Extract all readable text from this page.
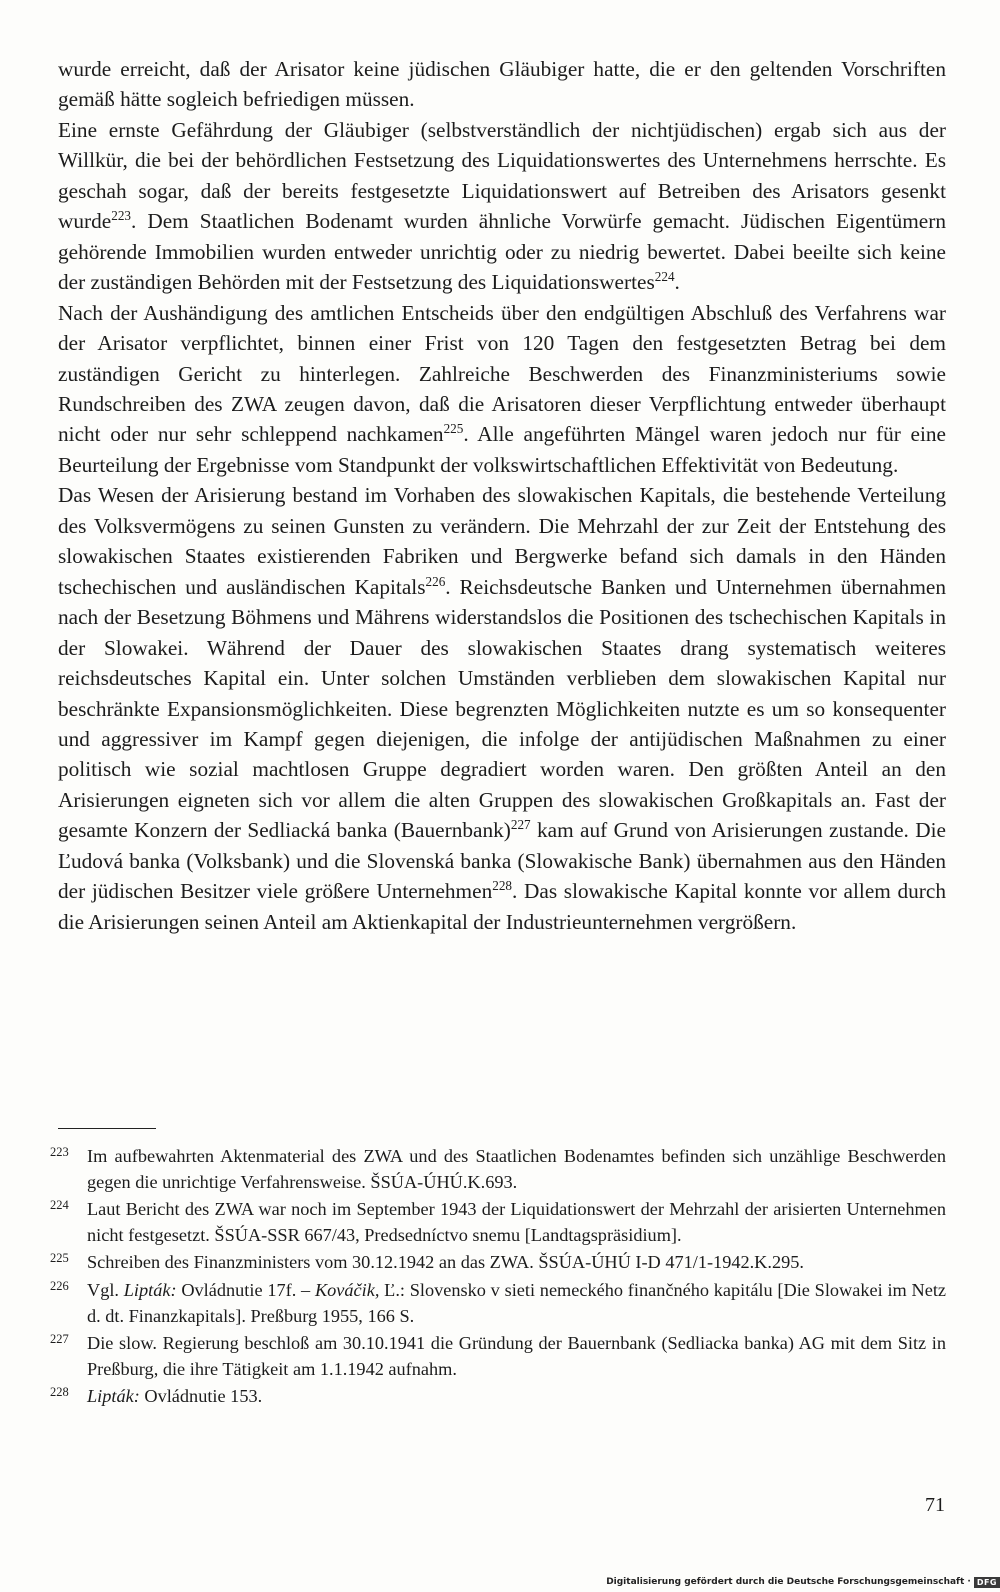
wurde erreicht, daß der Arisator keine jüdischen Gläubiger hatte, die er den geltenden Vorschriften gemäß hätte sogleich befriedigen müssen.

Eine ernste Gefährdung der Gläubiger (selbstverständlich der nichtjüdischen) ergab sich aus der Willkür, die bei der behördlichen Festsetzung des Liquidationswertes des Unternehmens herrschte. Es geschah sogar, daß der bereits festgesetzte Liquidationswert auf Betreiben des Arisators gesenkt wurde$^{223}$. Dem Staatlichen Bodenamt wurden ähnliche Vorwürfe gemacht. Jüdischen Eigentümern gehörende Immobilien wurden entweder unrichtig oder zu niedrig bewertet. Dabei beeilte sich keine der zuständigen Behörden mit der Festsetzung des Liquidationswertes$^{224}$.

Nach der Aushändigung des amtlichen Entscheids über den endgültigen Abschluß des Verfahrens war der Arisator verpflichtet, binnen einer Frist von 120 Tagen den festgesetzten Betrag bei dem zuständigen Gericht zu hinterlegen. Zahlreiche Beschwerden des Finanzministeriums sowie Rundschreiben des ZWA zeugen davon, daß die Arisatoren dieser Verpflichtung entweder überhaupt nicht oder nur sehr schleppend nachkamen$^{225}$. Alle angeführten Mängel waren jedoch nur für eine Beurteilung der Ergebnisse vom Standpunkt der volkswirtschaftlichen Effektivität von Bedeutung.

Das Wesen der Arisierung bestand im Vorhaben des slowakischen Kapitals, die bestehende Verteilung des Volksvermögens zu seinen Gunsten zu verändern. Die Mehrzahl der zur Zeit der Entstehung des slowakischen Staates existierenden Fabriken und Bergwerke befand sich damals in den Händen tschechischen und ausländischen Kapitals$^{226}$. Reichsdeutsche Banken und Unternehmen übernahmen nach der Besetzung Böhmens und Mährens widerstandslos die Positionen des tschechischen Kapitals in der Slowakei. Während der Dauer des slowakischen Staates drang systematisch weiteres reichsdeutsches Kapital ein. Unter solchen Umständen verblieben dem slowakischen Kapital nur beschränkte Expansionsmöglichkeiten. Diese begrenzten Möglichkeiten nutzte es um so konsequenter und aggressiver im Kampf gegen diejenigen, die infolge der antijüdischen Maßnahmen zu einer politisch wie sozial machtlosen Gruppe degradiert worden waren. Den größten Anteil an den Arisierungen eigneten sich vor allem die alten Gruppen des slowakischen Großkapitals an. Fast der gesamte Konzern der Sedliacká banka (Bauernbank)$^{227}$ kam auf Grund von Arisierungen zustande. Die Ľudová banka (Volksbank) und die Slovenská banka (Slowakische Bank) übernahmen aus den Händen der jüdischen Besitzer viele größere Unternehmen$^{228}$. Das slowakische Kapital konnte vor allem durch die Arisierungen seinen Anteil am Aktienkapital der Industrieunternehmen vergrößern.

223 Im aufbewahrten Aktenmaterial des ZWA und des Staatlichen Bodenamtes befinden sich unzählige Beschwerden gegen die unrichtige Verfahrensweise. ŠSÚA-ÚHÚ.K.693.
224 Laut Bericht des ZWA war noch im September 1943 der Liquidationswert der Mehrzahl der arisierten Unternehmen nicht festgesetzt. ŠSÚA-SSR 667/43, Predsedníctvo snemu [Landtagspräsidium].
225 Schreiben des Finanzministers vom 30.12.1942 an das ZWA. ŠSÚA-ÚHÚ I-D 471/1-1942.K.295.
226 Vgl. Lipták: Ovládnutie 17f. – Kováčik, Ľ.: Slovensko v sieti nemeckého finančného kapitálu [Die Slowakei im Netz d. dt. Finanzkapitals]. Preßburg 1955, 166 S.
227 Die slow. Regierung beschloß am 30.10.1941 die Gründung der Bauernbank (Sedliacka banka) AG mit dem Sitz in Preßburg, die ihre Tätigkeit am 1.1.1942 aufnahm.
228 Lipták: Ovládnutie 153.
71
Digitalisierung gefördert durch die Deutsche Forschungsgemeinschaft · DFG
